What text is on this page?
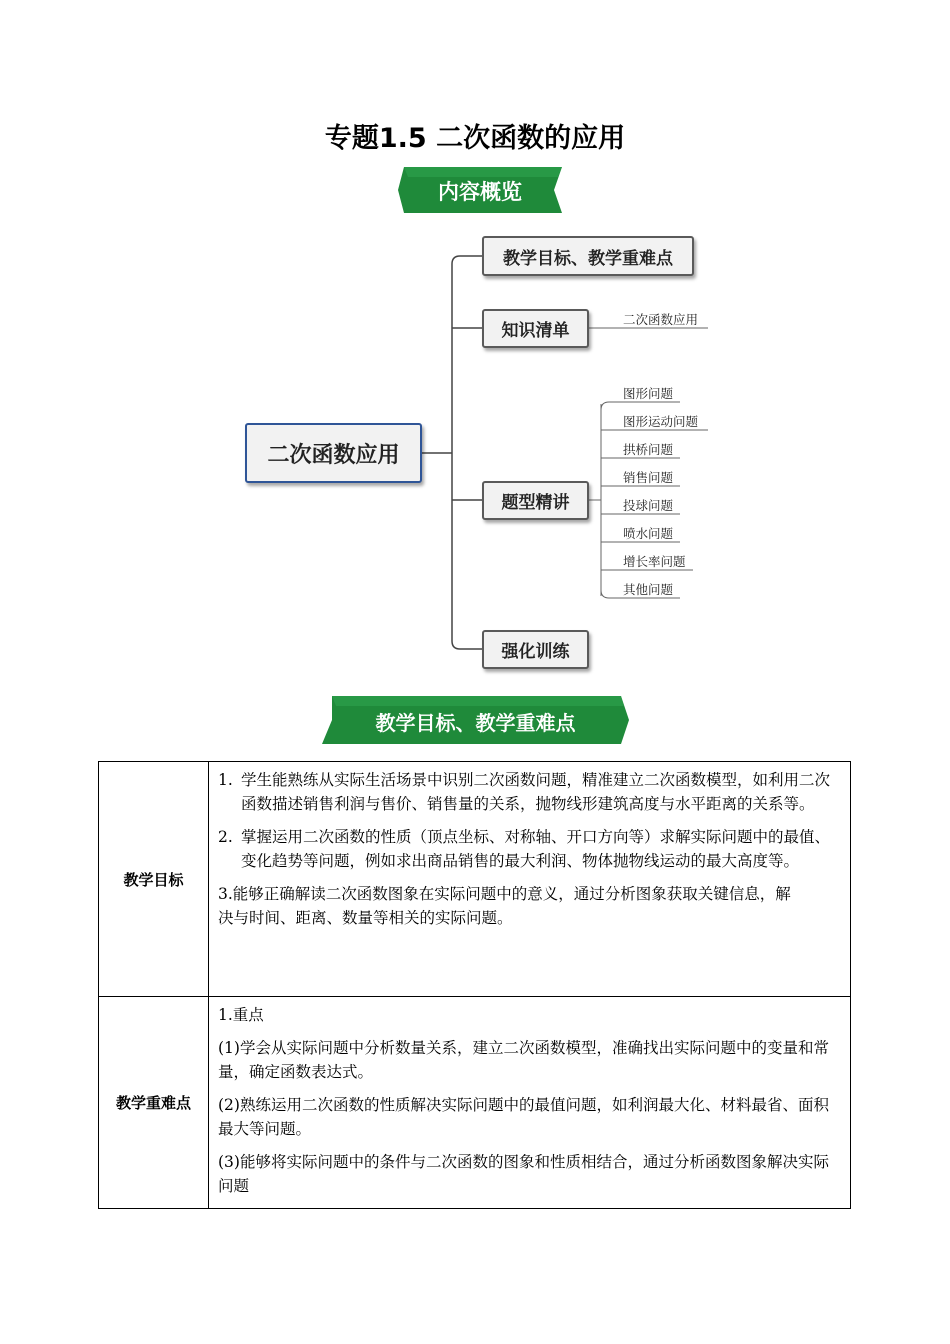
专题1.5 二次函数的应用
内容概览
二次函数应用
教学目标、教学重难点
知识清单
题型精讲
强化训练
二次函数应用
图形问题
图形运动问题
拱桥问题
销售问题
投球问题
喷水问题
增长率问题
其他问题
教学目标、教学重难点
教学目标	1. 学生能熟练从实际生活场景中识别二次函数问题，精准建立二次函数模型，如利用二次函数描述销售利润与售价、销售量的关系，抛物线形建筑高度与水平距离的关系等。
2. 掌握运用二次函数的性质（顶点坐标、对称轴、开口方向等）求解实际问题中的最值、变化趋势等问题，例如求出商品销售的最大利润、物体抛物线运动的最大高度等。
3.能够正确解读二次函数图象在实际问题中的意义，通过分析图象获取关键信息，解决与时间、距离、数量等相关的实际问题。

教学重难点	1.重点
(1)学会从实际问题中分析数量关系，建立二次函数模型，准确找出实际问题中的变量和常量，确定函数表达式。
(2)熟练运用二次函数的性质解决实际问题中的最值问题，如利润最大化、材料最省、面积最大等问题。
(3)能够将实际问题中的条件与二次函数的图象和性质相结合，通过分析函数图象解决实际问题
